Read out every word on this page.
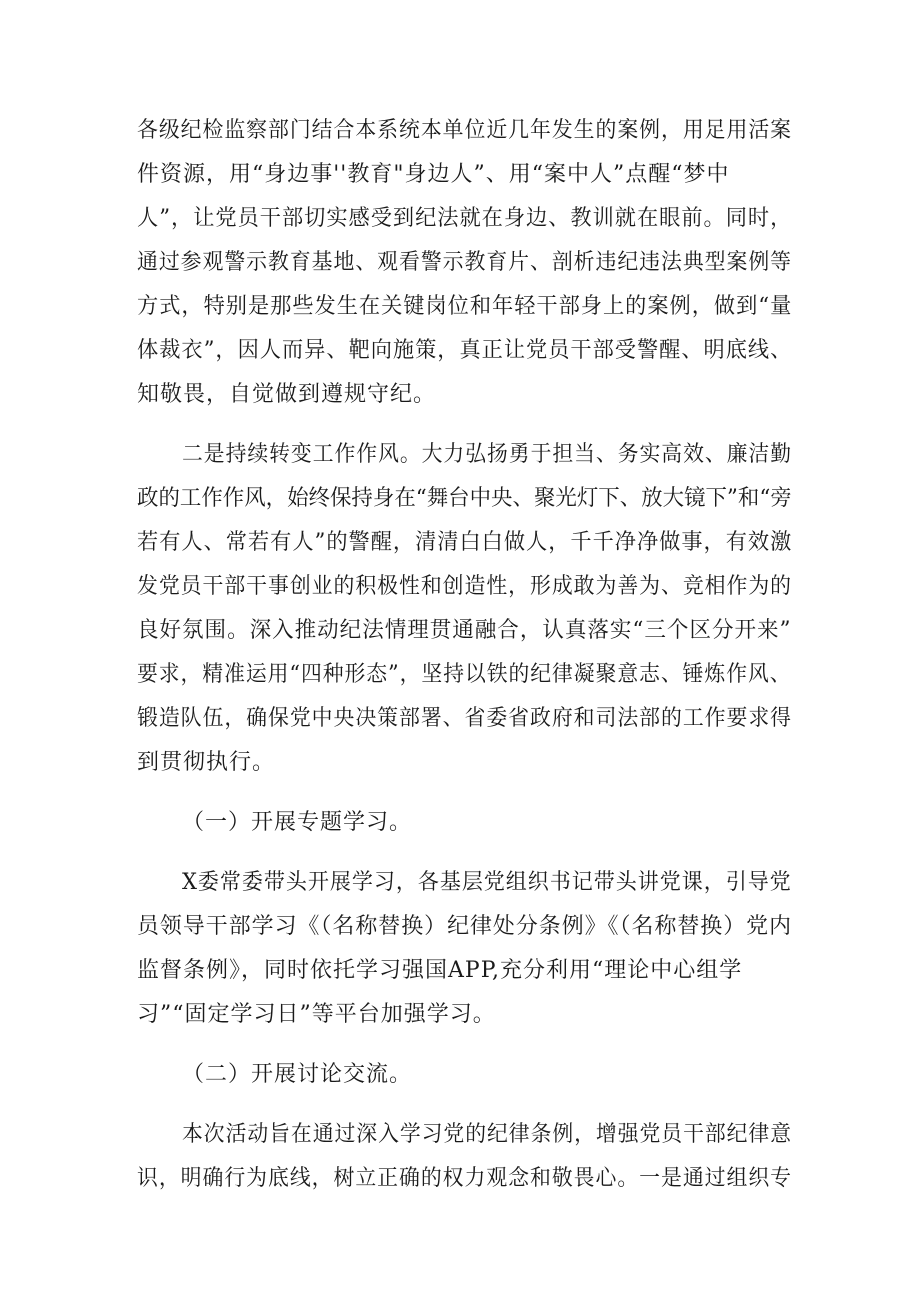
各级纪检监察部门结合本系统本单位近几年发生的案例，用足用活案
件资源，用“身边事''教育"身边人”、用“案中人”点醒“梦中
人”，让党员干部切实感受到纪法就在身边、教训就在眼前。同时，
通过参观警示教育基地、观看警示教育片、剖析违纪违法典型案例等
方式，特别是那些发生在关键岗位和年轻干部身上的案例，做到“量
体裁衣”，因人而异、靶向施策，真正让党员干部受警醒、明底线、
知敬畏，自觉做到遵规守纪。
二是持续转变工作作风。大力弘扬勇于担当、务实高效、廉洁勤
政的工作作风，始终保持身在“舞台中央、聚光灯下、放大镜下”和“旁
若有人、常若有人”的警醒，清清白白做人，千千净净做事，有效激
发党员干部干事创业的积极性和创造性，形成敢为善为、竞相作为的
良好氛围。深入推动纪法情理贯通融合，认真落实“三个区分开来”
要求，精准运用“四种形态”，坚持以铁的纪律凝聚意志、锤炼作风、
锻造队伍，确保党中央决策部署、省委省政府和司法部的工作要求得
到贯彻执行。
（一）开展专题学习。
X委常委带头开展学习，各基层党组织书记带头讲党课，引导党
员领导干部学习《（名称替换）纪律处分条例》《（名称替换）党内
监督条例》，同时依托学习强国APP,充分利用“理论中心组学
习”“固定学习日”等平台加强学习。
（二）开展讨论交流。
本次活动旨在通过深入学习党的纪律条例，增强党员干部纪律意
识，明确行为底线，树立正确的权力观念和敬畏心。一是通过组织专
